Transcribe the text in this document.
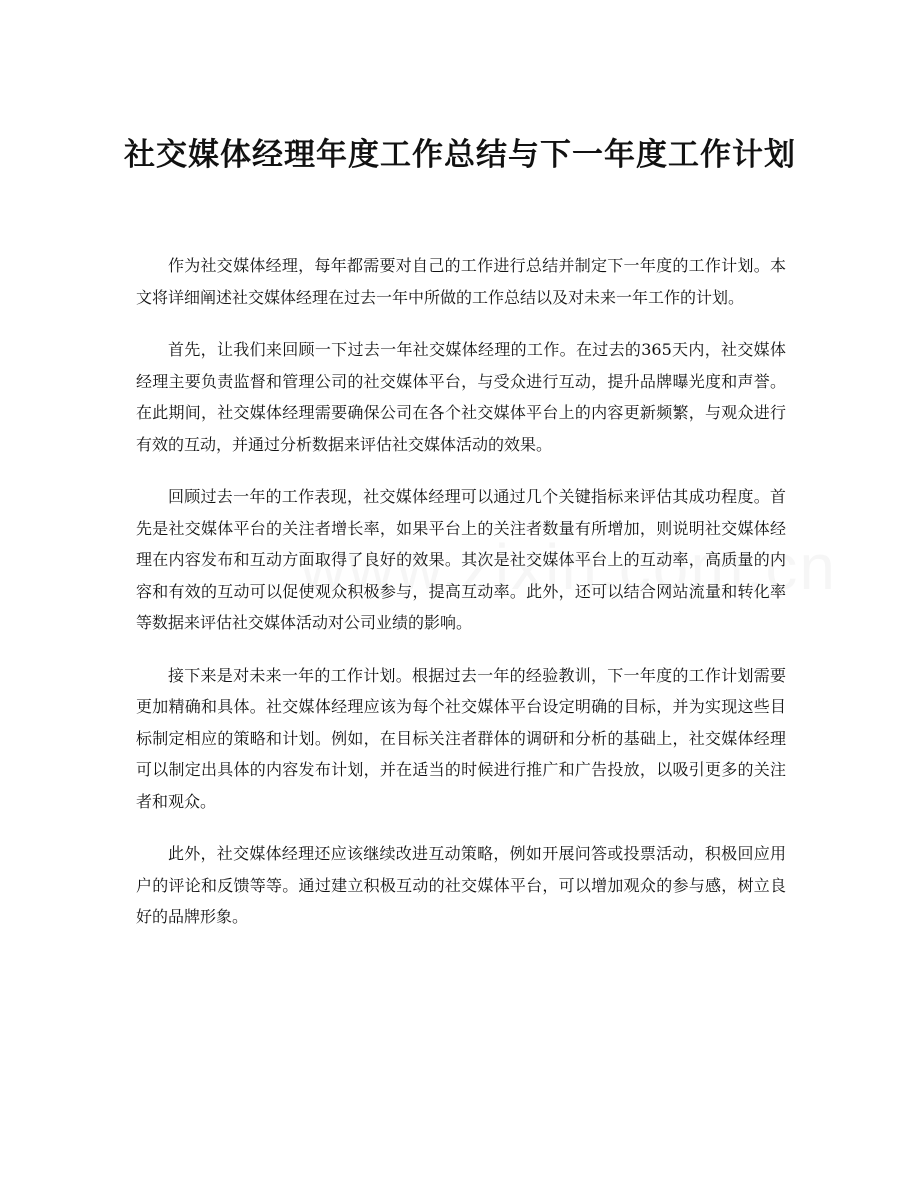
社交媒体经理年度工作总结与下一年度工作计划

作为社交媒体经理，每年都需要对自己的工作进行总结并制定下一年度的工作计划。本文将详细阐述社交媒体经理在过去一年中所做的工作总结以及对未来一年工作的计划。

首先，让我们来回顾一下过去一年社交媒体经理的工作。在过去的365天内，社交媒体经理主要负责监督和管理公司的社交媒体平台，与受众进行互动，提升品牌曝光度和声誉。在此期间，社交媒体经理需要确保公司在各个社交媒体平台上的内容更新频繁，与观众进行有效的互动，并通过分析数据来评估社交媒体活动的效果。

回顾过去一年的工作表现，社交媒体经理可以通过几个关键指标来评估其成功程度。首先是社交媒体平台的关注者增长率，如果平台上的关注者数量有所增加，则说明社交媒体经理在内容发布和互动方面取得了良好的效果。其次是社交媒体平台上的互动率，高质量的内容和有效的互动可以促使观众积极参与，提高互动率。此外，还可以结合网站流量和转化率等数据来评估社交媒体活动对公司业绩的影响。

接下来是对未来一年的工作计划。根据过去一年的经验教训，下一年度的工作计划需要更加精确和具体。社交媒体经理应该为每个社交媒体平台设定明确的目标，并为实现这些目标制定相应的策略和计划。例如，在目标关注者群体的调研和分析的基础上，社交媒体经理可以制定出具体的内容发布计划，并在适当的时候进行推广和广告投放，以吸引更多的关注者和观众。

此外，社交媒体经理还应该继续改进互动策略，例如开展问答或投票活动，积极回应用户的评论和反馈等等。通过建立积极互动的社交媒体平台，可以增加观众的参与感，树立良好的品牌形象。
